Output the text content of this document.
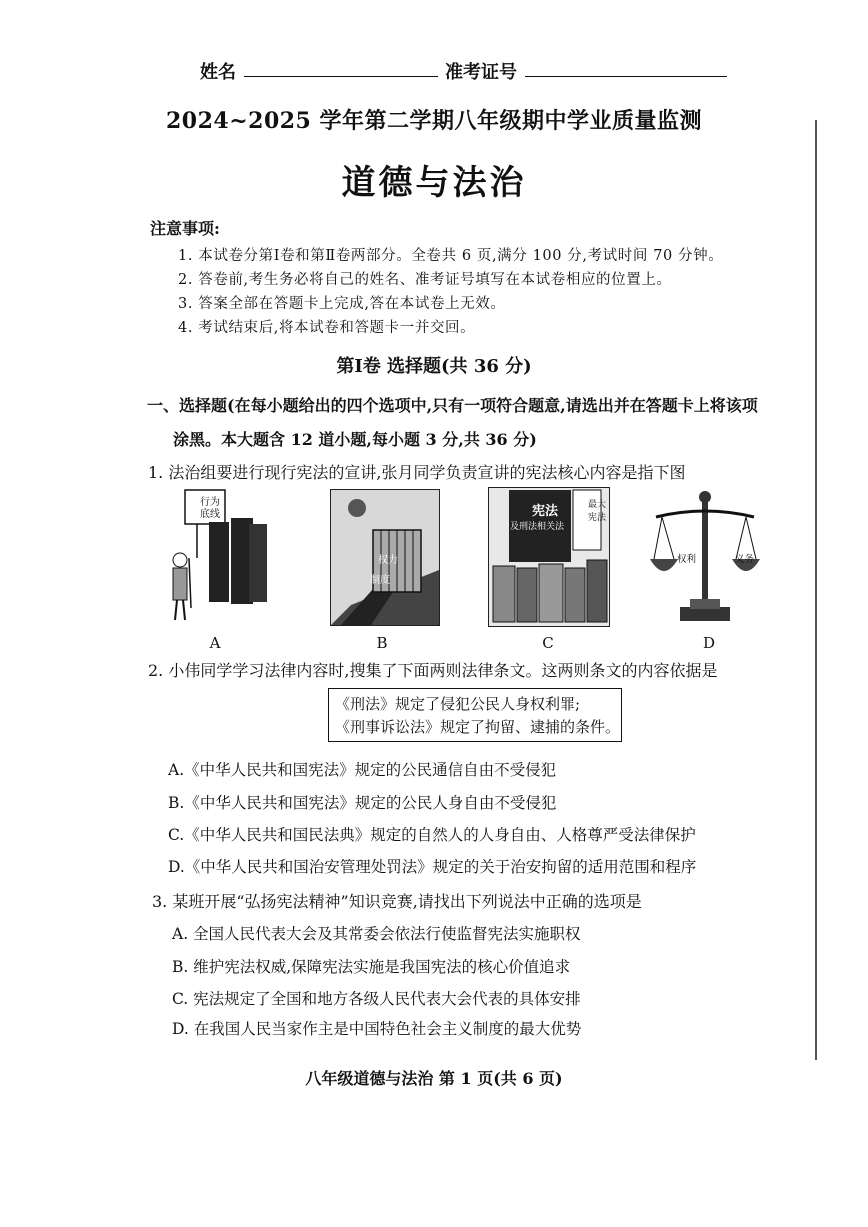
姓名	准考证号
2024~2025 学年第二学期八年级期中学业质量监测
道德与法治
注意事项:
1. 本试卷分第Ⅰ卷和第Ⅱ卷两部分。全卷共 6 页,满分 100 分,考试时间 70 分钟。
2. 答卷前,考生务必将自己的姓名、准考证号填写在本试卷相应的位置上。
3. 答案全部在答题卡上完成,答在本试卷上无效。
4. 考试结束后,将本试卷和答题卡一并交回。
第Ⅰ卷 选择题(共 36 分)
一、选择题(在每小题给出的四个选项中,只有一项符合题意,请选出并在答题卡上将该项
涂黑。本大题含 12 道小题,每小题 3 分,共 36 分)
1. 法治组要进行现行宪法的宣讲,张月同学负责宣讲的宪法核心内容是指下图
行为
底线
A
权力
制度
B
宪法
及刑法相关法
最大
宪法
C
权利	义务
D
2. 小伟同学学习法律内容时,搜集了下面两则法律条文。这两则条文的内容依据是
《刑法》规定了侵犯公民人身权利罪;
《刑事诉讼法》规定了拘留、逮捕的条件。
A.《中华人民共和国宪法》规定的公民通信自由不受侵犯
B.《中华人民共和国宪法》规定的公民人身自由不受侵犯
C.《中华人民共和国民法典》规定的自然人的人身自由、人格尊严受法律保护
D.《中华人民共和国治安管理处罚法》规定的关于治安拘留的适用范围和程序
3. 某班开展“弘扬宪法精神”知识竞赛,请找出下列说法中正确的选项是
A. 全国人民代表大会及其常委会依法行使监督宪法实施职权
B. 维护宪法权威,保障宪法实施是我国宪法的核心价值追求
C. 宪法规定了全国和地方各级人民代表大会代表的具体安排
D. 在我国人民当家作主是中国特色社会主义制度的最大优势
八年级道德与法治 第 1 页(共 6 页)
